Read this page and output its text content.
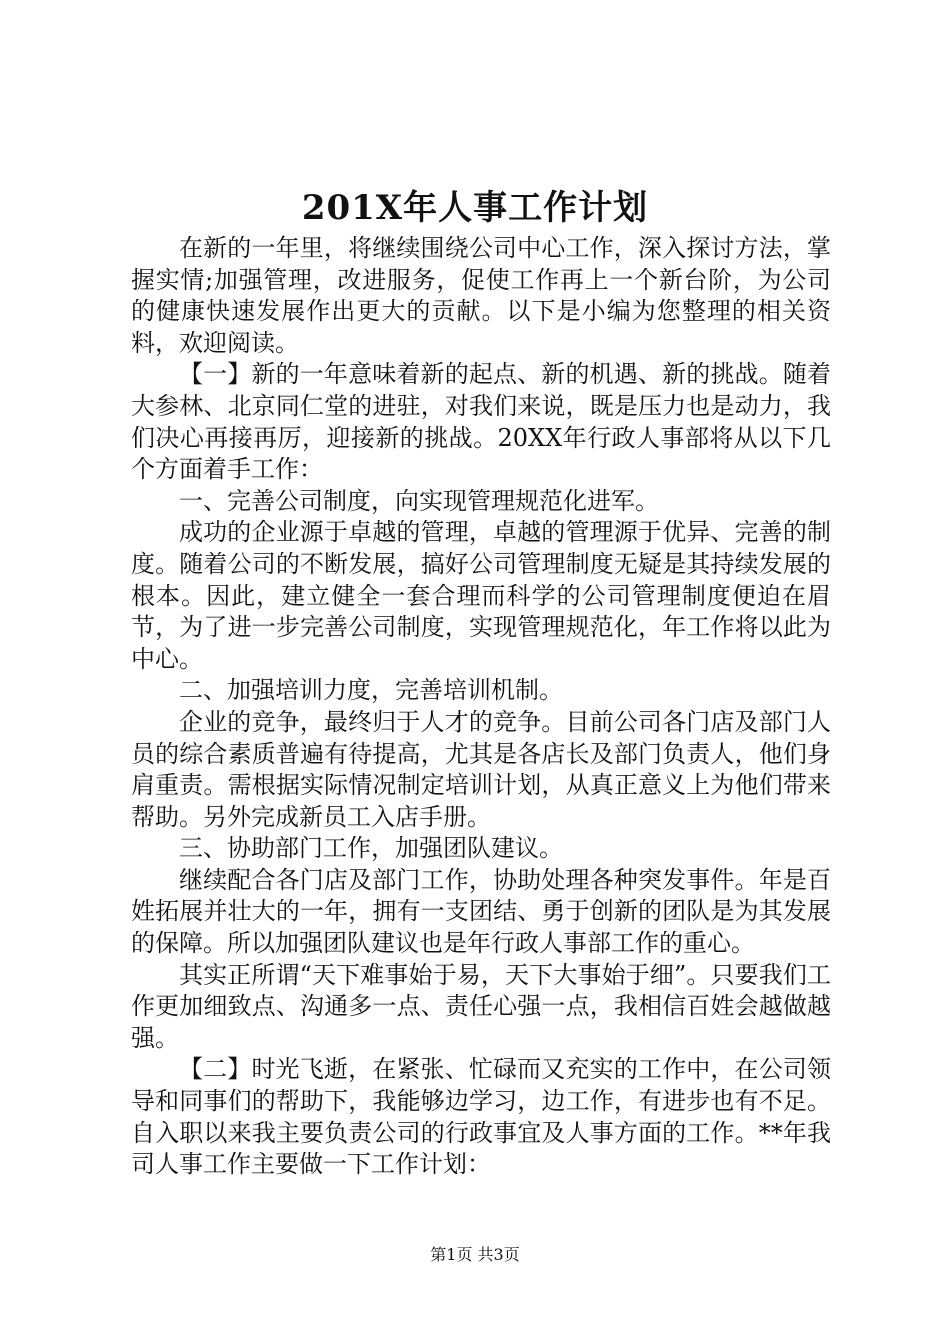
201X年人事工作计划

在新的一年里，将继续围绕公司中心工作，深入探讨方法，掌握实情;加强管理，改进服务，促使工作再上一个新台阶，为公司的健康快速发展作出更大的贡献。以下是小编为您整理的相关资料，欢迎阅读。

【一】新的一年意味着新的起点、新的机遇、新的挑战。随着大参林、北京同仁堂的进驻，对我们来说，既是压力也是动力，我们决心再接再厉，迎接新的挑战。20XX年行政人事部将从以下几个方面着手工作：

一、完善公司制度，向实现管理规范化进军。

成功的企业源于卓越的管理，卓越的管理源于优异、完善的制度。随着公司的不断发展，搞好公司管理制度无疑是其持续发展的根本。因此，建立健全一套合理而科学的公司管理制度便迫在眉节，为了进一步完善公司制度，实现管理规范化，年工作将以此为中心。

二、加强培训力度，完善培训机制。

企业的竞争，最终归于人才的竞争。目前公司各门店及部门人员的综合素质普遍有待提高，尤其是各店长及部门负责人，他们身肩重责。需根据实际情况制定培训计划，从真正意义上为他们带来帮助。另外完成新员工入店手册。

三、协助部门工作，加强团队建议。

继续配合各门店及部门工作，协助处理各种突发事件。年是百姓拓展并壮大的一年，拥有一支团结、勇于创新的团队是为其发展的保障。所以加强团队建议也是年行政人事部工作的重心。

其实正所谓“天下难事始于易，天下大事始于细”。只要我们工作更加细致点、沟通多一点、责任心强一点，我相信百姓会越做越强。

【二】时光飞逝，在紧张、忙碌而又充实的工作中，在公司领导和同事们的帮助下，我能够边学习，边工作，有进步也有不足。自入职以来我主要负责公司的行政事宜及人事方面的工作。**年我司人事工作主要做一下工作计划：

第1页 共3页
